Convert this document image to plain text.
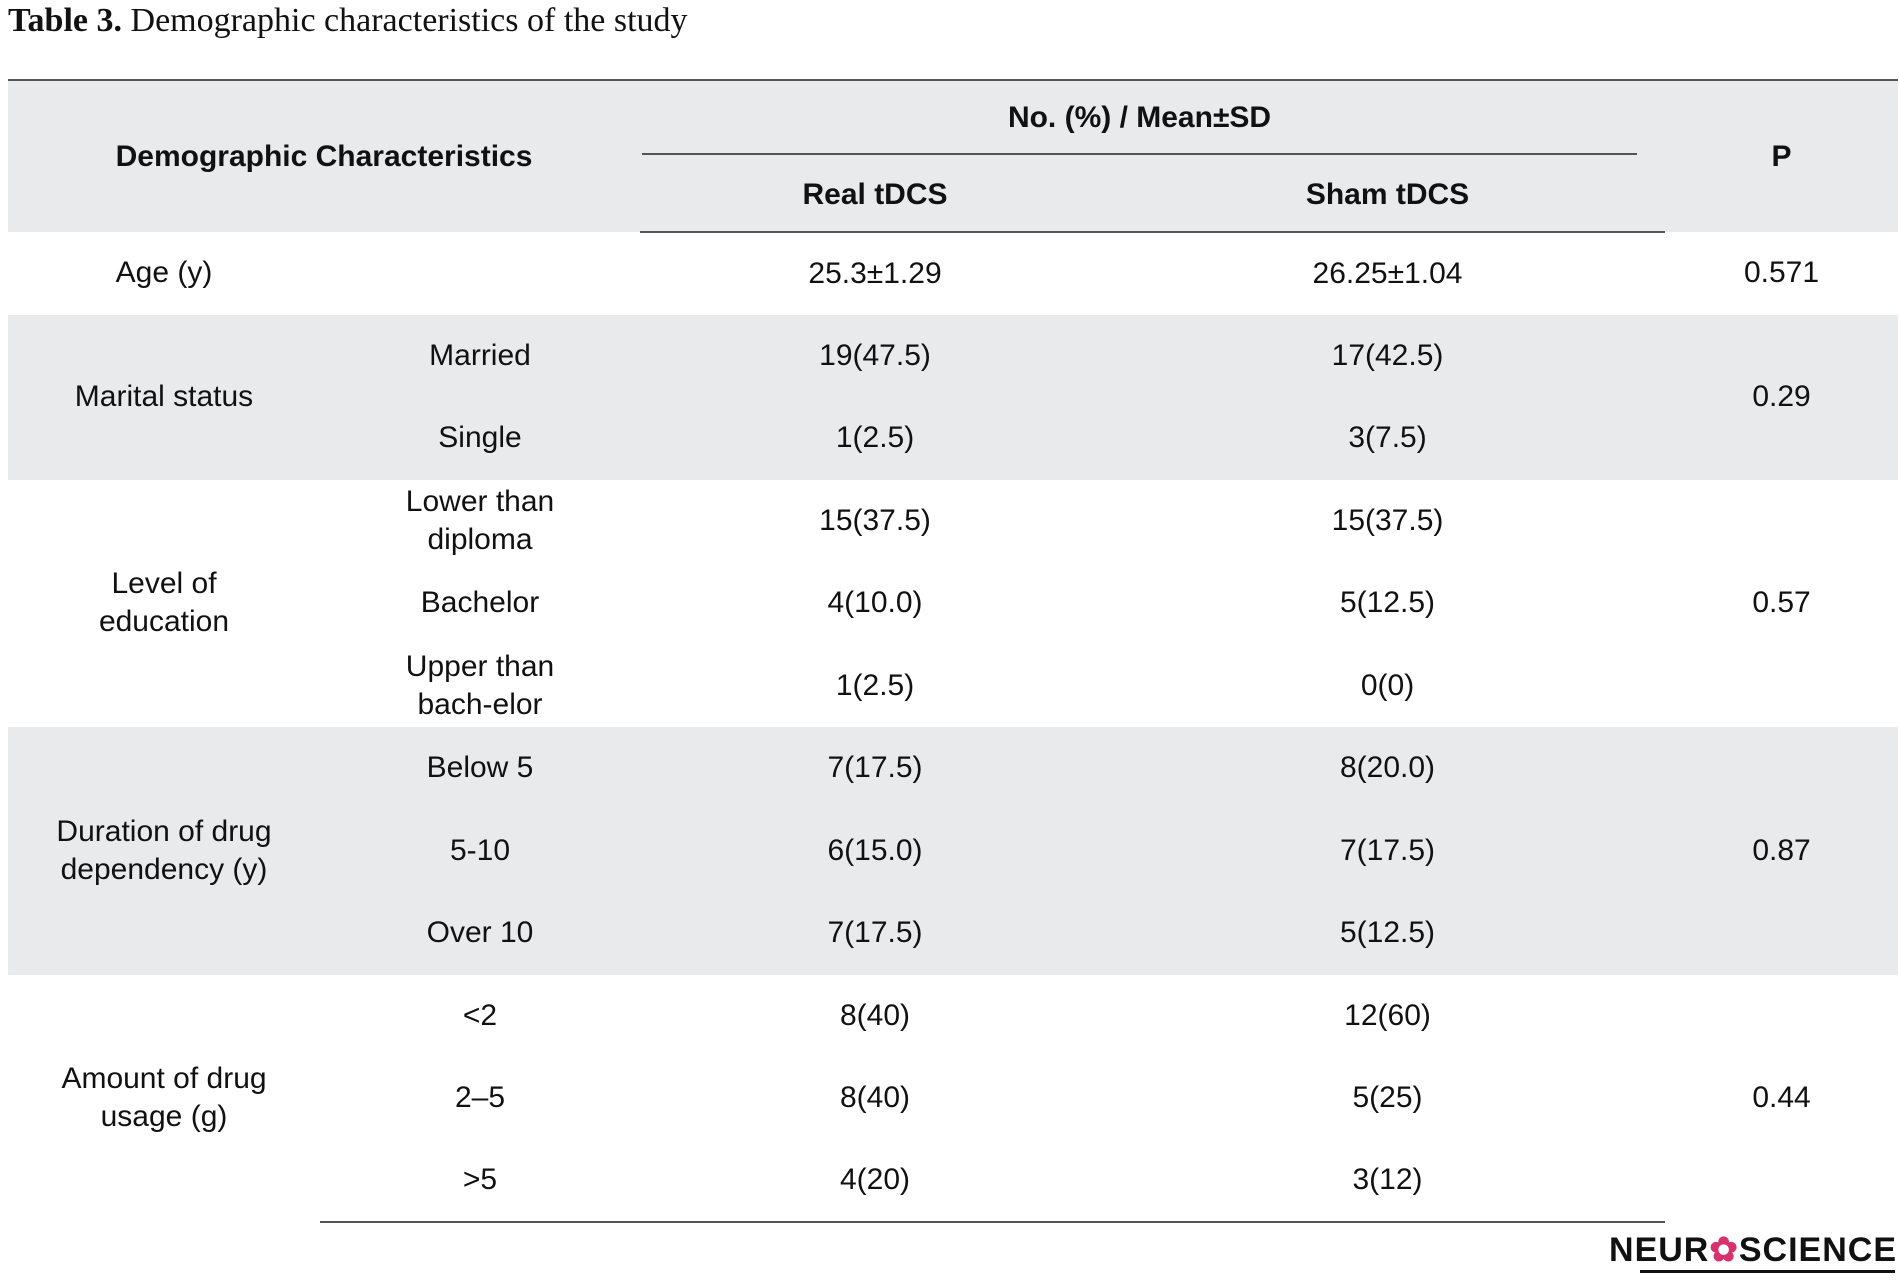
Table 3. Demographic characteristics of the study
Demographic Characteristics		No. (%) / Mean±SD		P
		Real tDCS	Sham tDCS	
Age (y)		25.3±1.29	26.25±1.04	0.571
Marital status	Married	19(47.5)	17(42.5)	0.29
	Single	1(2.5)	3(7.5)	
Level of education	Lower than diploma	15(37.5)	15(37.5)	0.57
	Bachelor	4(10.0)	5(12.5)	
	Upper than bach-elor	1(2.5)	0(0)	
Duration of drug dependency (y)	Below 5	7(17.5)	8(20.0)	0.87
	5-10	6(15.0)	7(17.5)	
	Over 10	7(17.5)	5(12.5)	
Amount of drug usage (g)	<2	8(40)	12(60)	0.44
	2–5	8(40)	5(25)	
	>5	4(20)	3(12)	
NEUR✿SCIENCE
